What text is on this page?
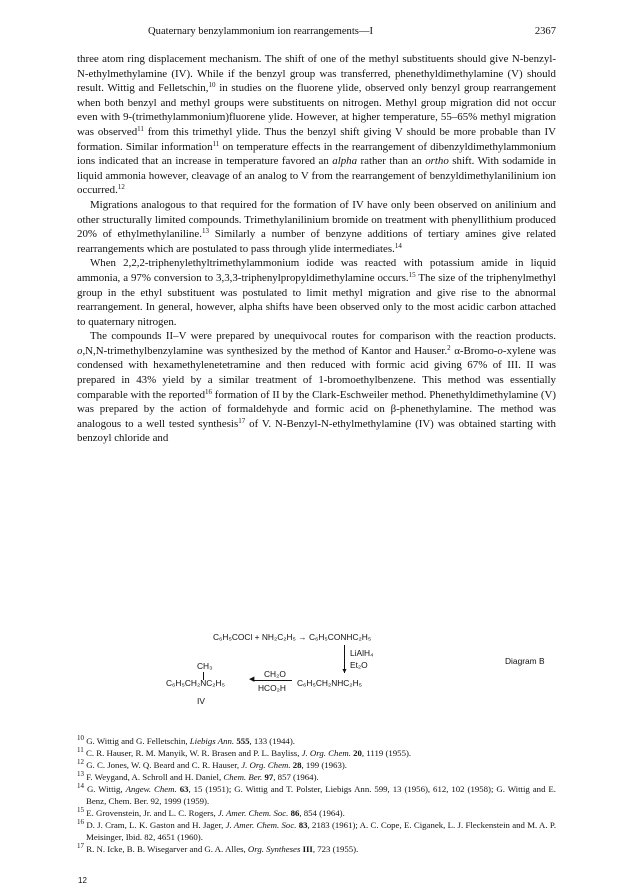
Quaternary benzylammonium ion rearrangements—I	2367

three atom ring displacement mechanism. The shift of one of the methyl substituents should give N-benzyl-N-ethylmethylamine (IV). While if the benzyl group was transferred, phenethyldimethylamine (V) should result. Wittig and Felletschin,$^{10}$ in studies on the fluorene ylide, observed only benzyl group rearrangement when both benzyl and methyl groups were substituents on nitrogen. Methyl group migration did not occur even with 9-(trimethylammonium)fluorene ylide. However, at higher temperature, 55–65% methyl migration was observed$^{11}$ from this trimethyl ylide. Thus the benzyl shift giving V should be more probable than IV formation. Similar information$^{11}$ on temperature effects in the rearrangement of dibenzyldimethylammonium ions indicated that an increase in temperature favored an alpha rather than an ortho shift. With sodamide in liquid ammonia however, cleavage of an analog to V from the rearrangement of benzyldimethylanilinium ion occurred.$^{12}$

Migrations analogous to that required for the formation of IV have only been observed on anilinium and other structurally limited compounds. Trimethylanilinium bromide on treatment with phenyllithium produced 20% of ethylmethylaniline.$^{13}$ Similarly a number of benzyne additions of tertiary amines give related rearrangements which are postulated to pass through ylide intermediates.$^{14}$

When 2,2,2-triphenylethyltrimethylammonium iodide was reacted with potassium amide in liquid ammonia, a 97% conversion to 3,3,3-triphenylpropyldimethylamine occurs.$^{15}$ The size of the triphenylmethyl group in the ethyl substituent was postulated to limit methyl migration and give rise to the abnormal rearrangement. In general, however, alpha shifts have been observed only to the most acidic carbon attached to quaternary nitrogen.

The compounds II–V were prepared by unequivocal routes for comparison with the reaction products. o,N,N-trimethylbenzylamine was synthesized by the method of Kantor and Hauser.$^2$ α-Bromo-o-xylene was condensed with hexamethylenetetramine and then reduced with formic acid giving 67% of III. II was prepared in 43% yield by a similar treatment of 1-bromoethylbenzene. This method was essentially comparable with the reported$^{16}$ formation of II by the Clark-Eschweiler method. Phenethyldimethylamine (V) was prepared by the action of formaldehyde and formic acid on β-phenethylamine. The method was analogous to a well tested synthesis$^{17}$ of V. N-Benzyl-N-ethylmethylamine (IV) was obtained starting with benzoyl chloride and

C₆H₅COCl + NH₂C₂H₅ → C₆H₅CONHC₂H₅
▼
LiAlH₄
Et₂O	Diagram B
CH₃
C₆H₅CH₂NC₂H₅
CH₂O
◀
HCO₂H C₆H₅CH₂NHC₂H₅
IV

$^{10}$ G. Wittig and G. Felletschin, Liebigs Ann. 555, 133 (1944).

$^{11}$ C. R. Hauser, R. M. Manyik, W. R. Brasen and P. L. Bayliss, J. Org. Chem. 20, 1119 (1955).

$^{12}$ G. C. Jones, W. Q. Beard and C. R. Hauser, J. Org. Chem. 28, 199 (1963).

$^{13}$ F. Weygand, A. Schroll and H. Daniel, Chem. Ber. 97, 857 (1964).

$^{14}$ G. Wittig, Angew. Chem. 63, 15 (1951); G. Wittig and T. Polster, Liebigs Ann. 599, 13 (1956), 612, 102 (1958); G. Wittig and E. Benz, Chem. Ber. 92, 1999 (1959).

$^{15}$ E. Grovenstein, Jr. and L. C. Rogers, J. Amer. Chem. Soc. 86, 854 (1964).

$^{16}$ D. J. Cram, L. K. Gaston and H. Jager, J. Amer. Chem. Soc. 83, 2183 (1961); A. C. Cope, E. Ciganek, L. J. Fleckenstein and M. A. P. Meisinger, Ibid. 82, 4651 (1960).

$^{17}$ R. N. Icke, B. B. Wisegarver and G. A. Alles, Org. Syntheses III, 723 (1955).

12
